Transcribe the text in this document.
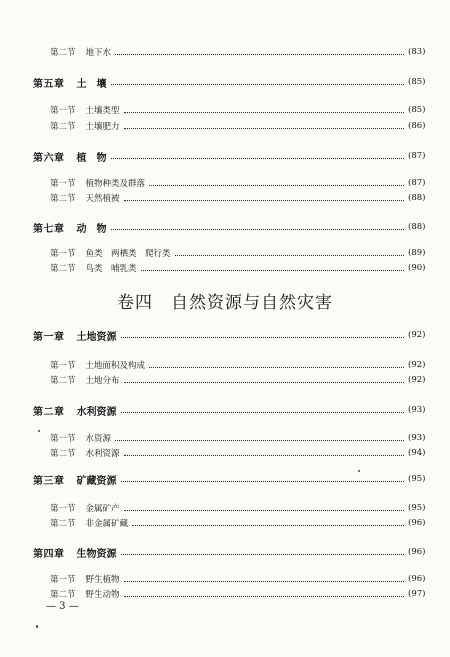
第二节 地下水	(83)
第五章 土　壤	(85)
第一节 土壤类型	(85)
第二节 土壤肥力	(86)
第六章 植　物	(87)
第一节 植物种类及群落	(87)
第二节 天然植被	(88)
第七章 动　物	(88)
第一节 鱼类　两栖类　爬行类	(89)
第二节 鸟类　哺乳类	(90)
卷四 自然资源与自然灾害
第一章 土地资源	(92)
第一节 土地面积及构成	(92)
第二节 土地分布	(92)
第二章 水利资源	(93)
第一节 水资源	(93)
第二节 水利资源	(94)
第三章 矿藏资源	(95)
第一节 金属矿产	(95)
第二节 非金属矿藏	(96)
第四章 生物资源	(96)
第一节 野生植物	(96)
第二节 野生动物	(97)
— 3 —
